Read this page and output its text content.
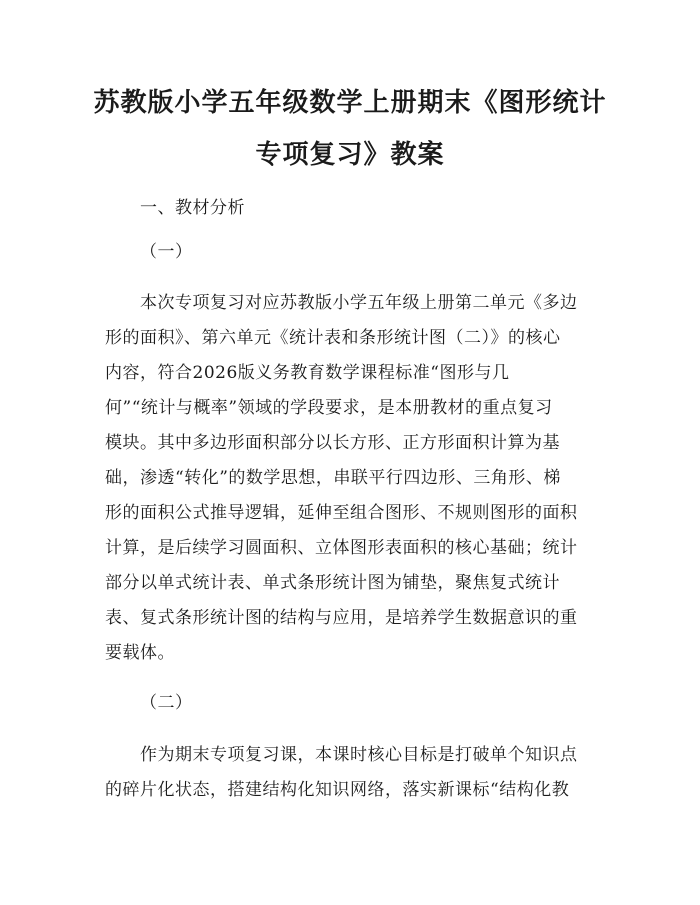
苏教版小学五年级数学上册期末《图形统计
专项复习》教案
一、教材分析
（一）
本次专项复习对应苏教版小学五年级上册第二单元《多边
形的面积》、第六单元《统计表和条形统计图（二）》的核心
内容，符合2026版义务教育数学课程标准“图形与几
何”“统计与概率”领域的学段要求，是本册教材的重点复习
模块。其中多边形面积部分以长方形、正方形面积计算为基
础，渗透“转化”的数学思想，串联平行四边形、三角形、梯
形的面积公式推导逻辑，延伸至组合图形、不规则图形的面积
计算，是后续学习圆面积、立体图形表面积的核心基础；统计
部分以单式统计表、单式条形统计图为铺垫，聚焦复式统计
表、复式条形统计图的结构与应用，是培养学生数据意识的重
要载体。
（二）
作为期末专项复习课，本课时核心目标是打破单个知识点
的碎片化状态，搭建结构化知识网络，落实新课标“结构化教
